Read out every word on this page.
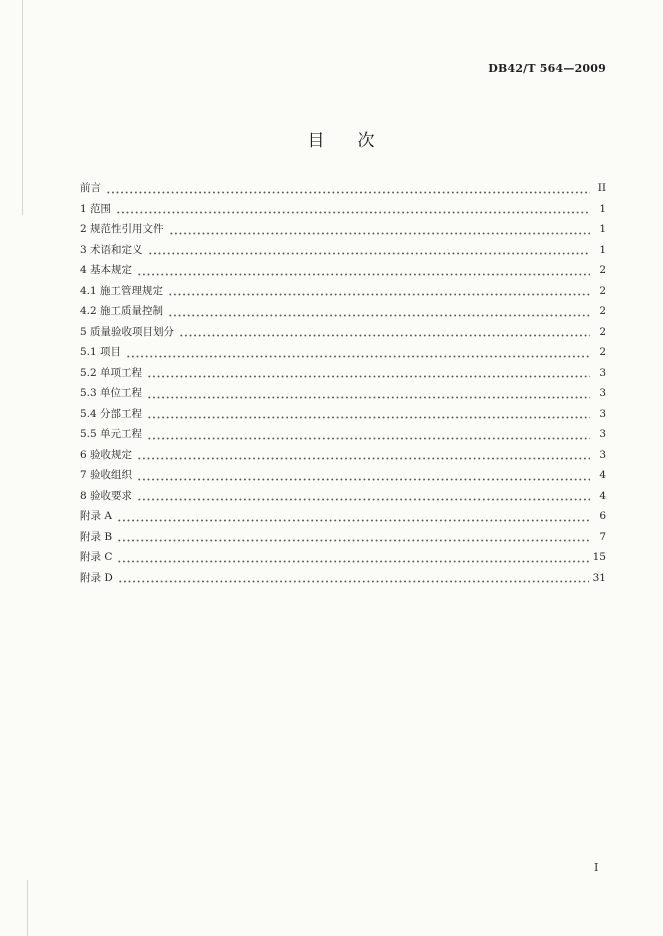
DB42/T 564—2009
目　次
前言	II
1 范围	1
2 规范性引用文件	1
3 术语和定义	1
4 基本规定	2
4.1 施工管理规定	2
4.2 施工质量控制	2
5 质量验收项目划分	2
5.1 项目	2
5.2 单项工程	3
5.3 单位工程	3
5.4 分部工程	3
5.5 单元工程	3
6 验收规定	3
7 验收组织	4
8 验收要求	4
附录 A	6
附录 B	7
附录 C	15
附录 D	31
I
